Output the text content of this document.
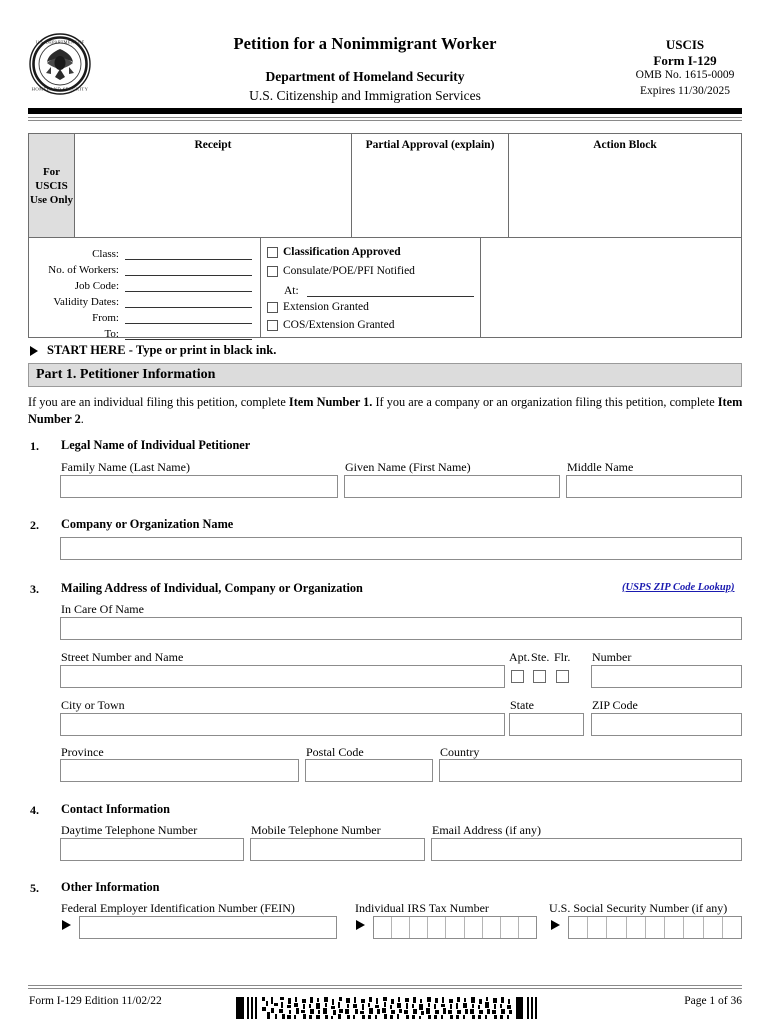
U.S. DEPARTMENT OF
HOMELAND SECURITY
Petition for a Nonimmigrant Worker
Department of Homeland Security
U.S. Citizenship and Immigration Services
USCIS
Form I-129
OMB No. 1615-0009
Expires 11/30/2025
For USCIS Use Only
Receipt	Partial Approval (explain)	Action Block
Class:
No. of Workers:
Job Code:
Validity Dates:
From:
To:
Classification Approved
Consulate/POE/PFI Notified
At:
Extension Granted
COS/Extension Granted
START HERE - Type or print in black ink.
Part 1. Petitioner Information
If you are an individual filing this petition, complete Item Number 1. If you are a company or an organization filing this petition, complete Item Number 2.
1. Legal Name of Individual Petitioner
Family Name (Last Name)	Given Name (First Name)	Middle Name
2. Company or Organization Name
3. Mailing Address of Individual, Company or Organization	(USPS ZIP Code Lookup)
In Care Of Name
Street Number and Name	Apt. Ste. Flr. Number
City or Town	State	ZIP Code
Province	Postal Code	Country
4. Contact Information
Daytime Telephone Number	Mobile Telephone Number	Email Address (if any)
5. Other Information
Federal Employer Identification Number (FEIN)	Individual IRS Tax Number	U.S. Social Security Number (if any)
Form I-129 Edition 11/02/22	Page 1 of 36
